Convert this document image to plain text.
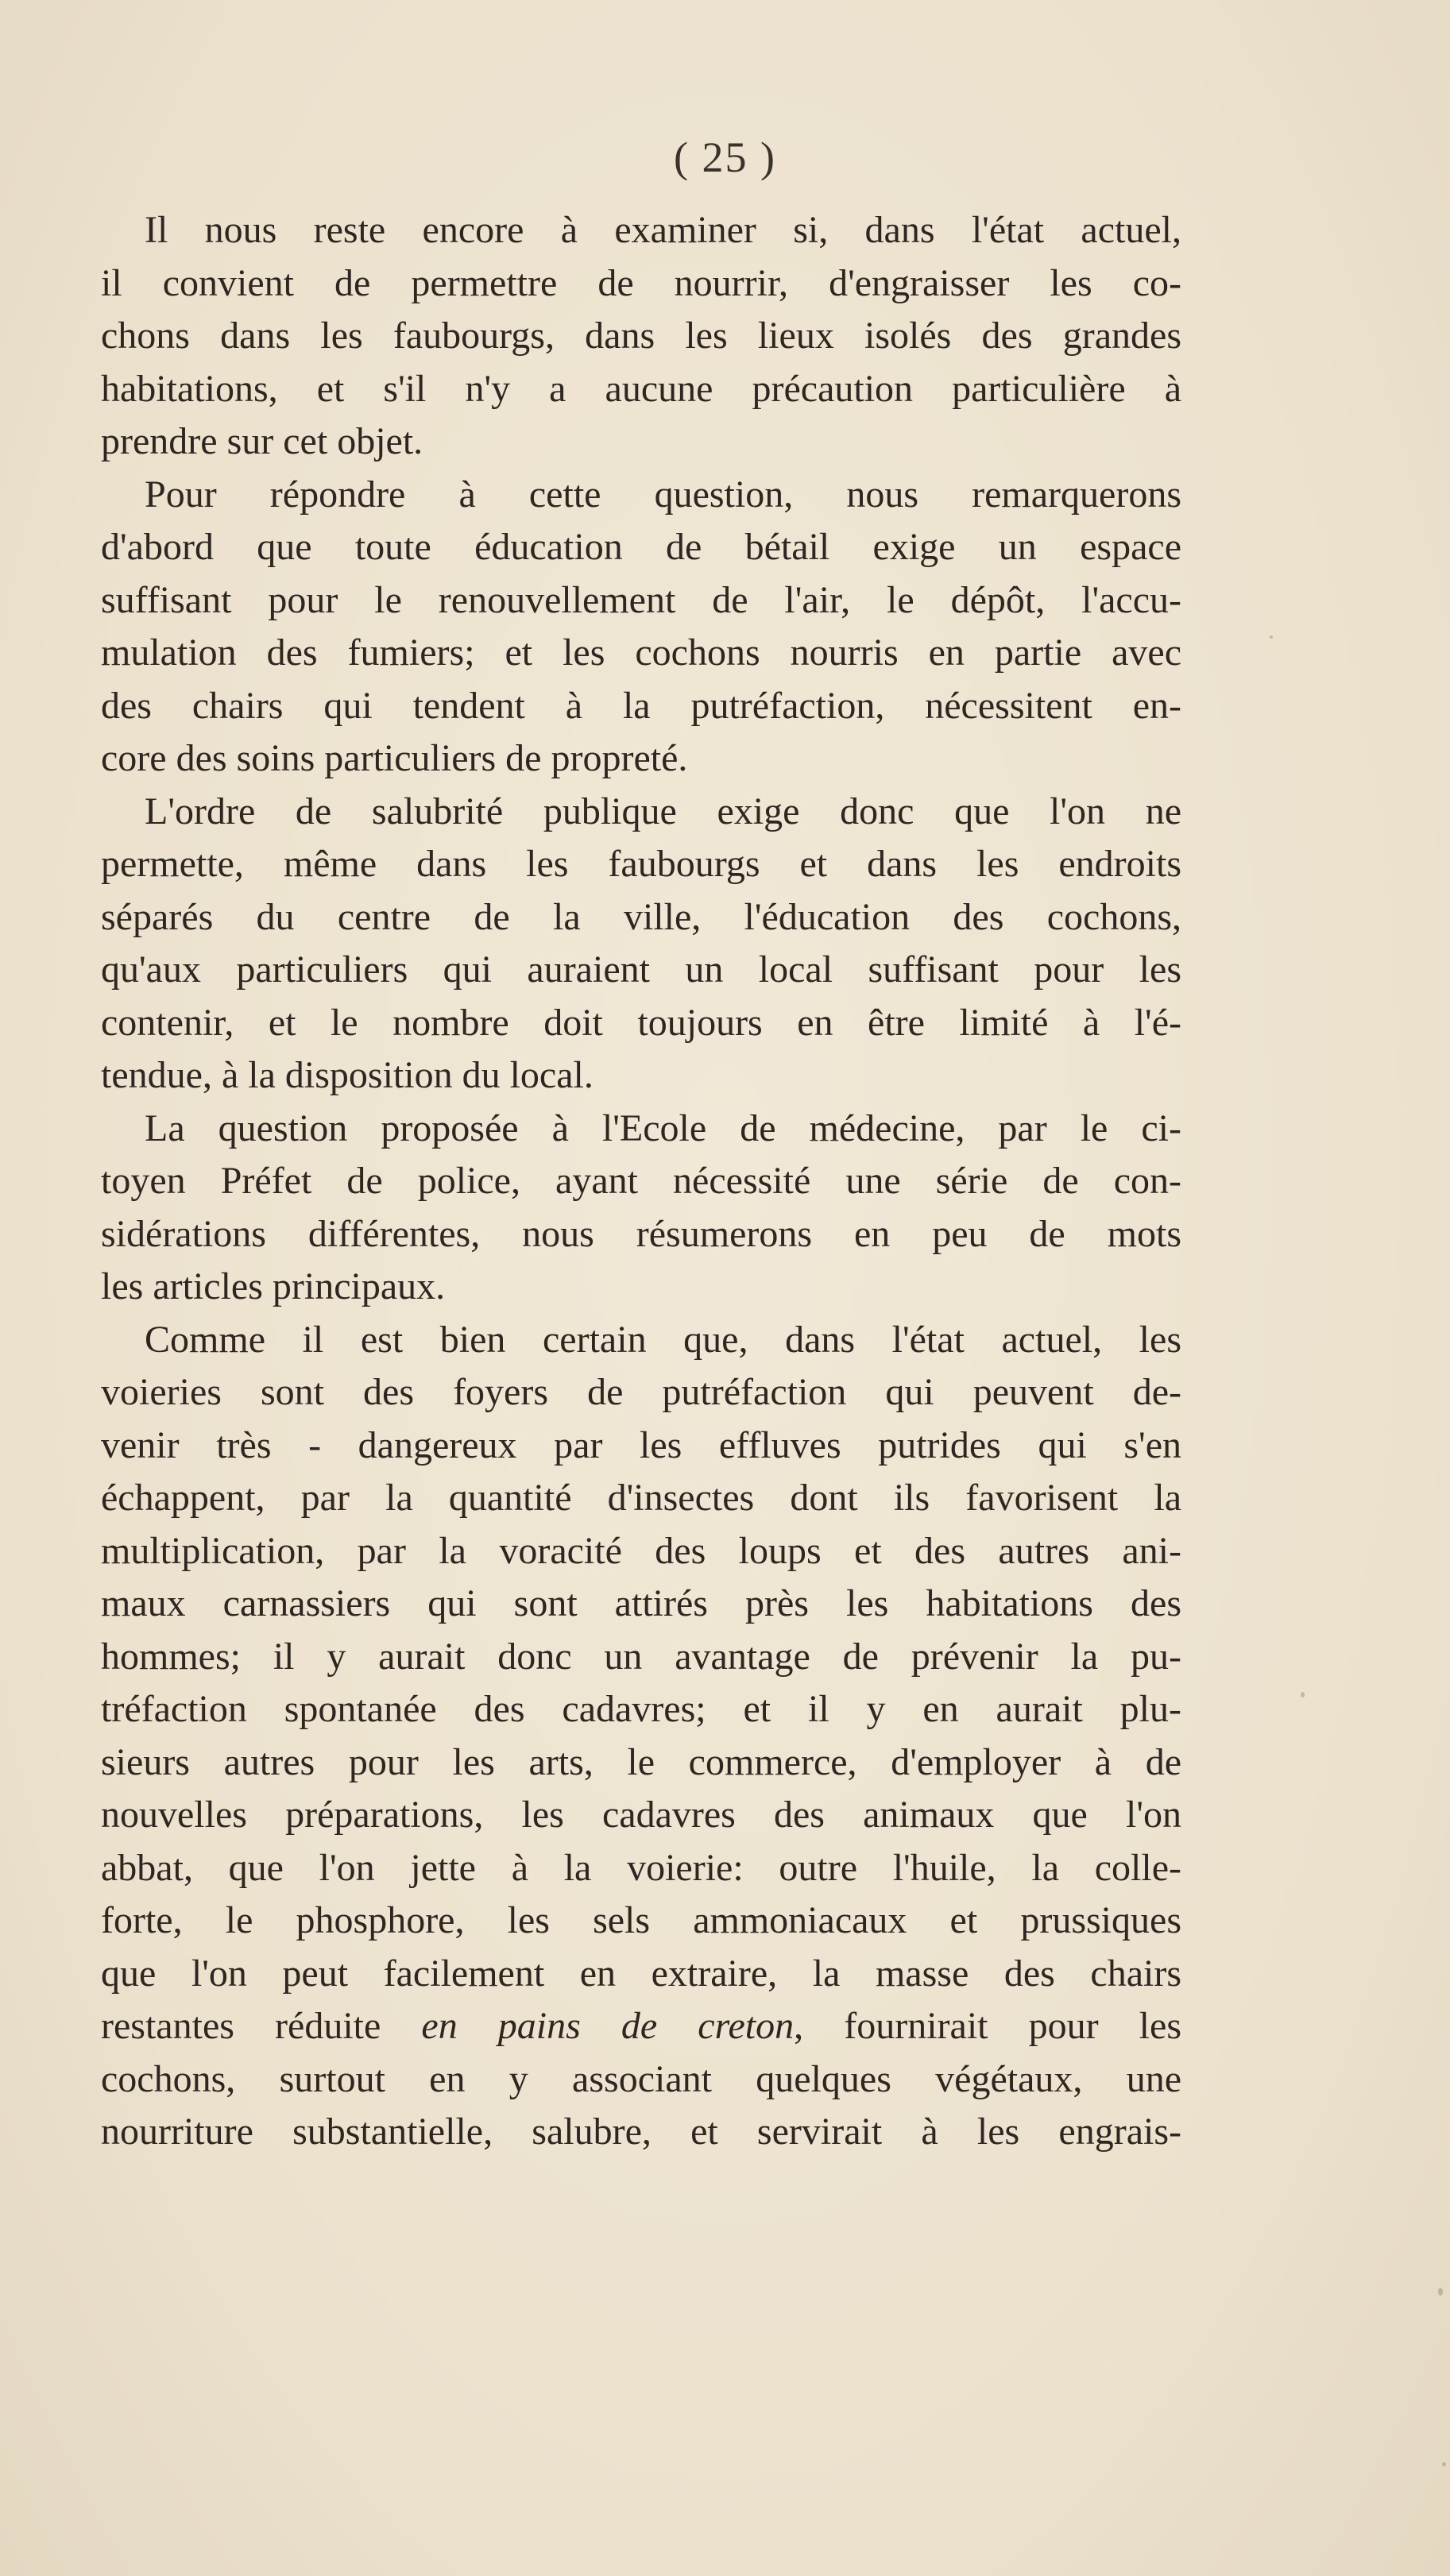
( 25 )
Il nous reste encore à examiner si, dans l'état actuel,
il convient de permettre de nourrir, d'engraisser les co-
chons dans les faubourgs, dans les lieux isolés des grandes
habitations, et s'il n'y a aucune précaution particulière à
prendre sur cet objet.
Pour répondre à cette question, nous remarquerons
d'abord que toute éducation de bétail exige un espace
suffisant pour le renouvellement de l'air, le dépôt, l'accu-
mulation des fumiers; et les cochons nourris en partie avec
des chairs qui tendent à la putréfaction, nécessitent en-
core des soins particuliers de propreté.
L'ordre de salubrité publique exige donc que l'on ne
permette, même dans les faubourgs et dans les endroits
séparés du centre de la ville, l'éducation des cochons,
qu'aux particuliers qui auraient un local suffisant pour les
contenir, et le nombre doit toujours en être limité à l'é-
tendue, à la disposition du local.
La question proposée à l'Ecole de médecine, par le ci-
toyen Préfet de police, ayant nécessité une série de con-
sidérations différentes, nous résumerons en peu de mots
les articles principaux.
Comme il est bien certain que, dans l'état actuel, les
voieries sont des foyers de putréfaction qui peuvent de-
venir très - dangereux par les effluves putrides qui s'en
échappent, par la quantité d'insectes dont ils favorisent la
multiplication, par la voracité des loups et des autres ani-
maux carnassiers qui sont attirés près les habitations des
hommes; il y aurait donc un avantage de prévenir la pu-
tréfaction spontanée des cadavres; et il y en aurait plu-
sieurs autres pour les arts, le commerce, d'employer à de
nouvelles préparations, les cadavres des animaux que l'on
abbat, que l'on jette à la voierie: outre l'huile, la colle-
forte, le phosphore, les sels ammoniacaux et prussiques
que l'on peut facilement en extraire, la masse des chairs
restantes réduite en pains de creton, fournirait pour les
cochons, surtout en y associant quelques végétaux, une
nourriture substantielle, salubre, et servirait à les engrais-
